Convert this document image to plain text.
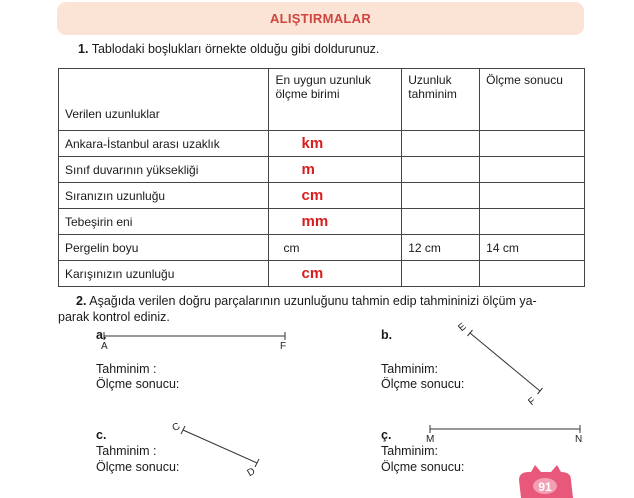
ALIŞTIRMALAR
1. Tablodaki boşlukları örnekte olduğu gibi doldurunuz.
Verilen uzunluklar	En uygun uzunluk ölçme birimi	Uzunluk tahminim	Ölçme sonucu
Ankara-İstanbul arası uzaklık	km		
Sınıf duvarının yüksekliği	m		
Sıranızın uzunluğu	cm		
Tebeşirin eni	mm		
Pergelin boyu	cm	12 cm	14 cm
Karışınızın uzunluğu	cm		
2. Aşağıda verilen doğru parçalarının uzunluğunu tahmin edip tahmininizi ölçüm ya-
parak kontrol ediniz.
A	F
E
F
C
D
M	N
a.
Tahminim :
Ölçme sonucu:
b.
Tahminim:
Ölçme sonucu:
c.
Tahminim :
Ölçme sonucu:
ç.
Tahminim:
Ölçme sonucu:
91
